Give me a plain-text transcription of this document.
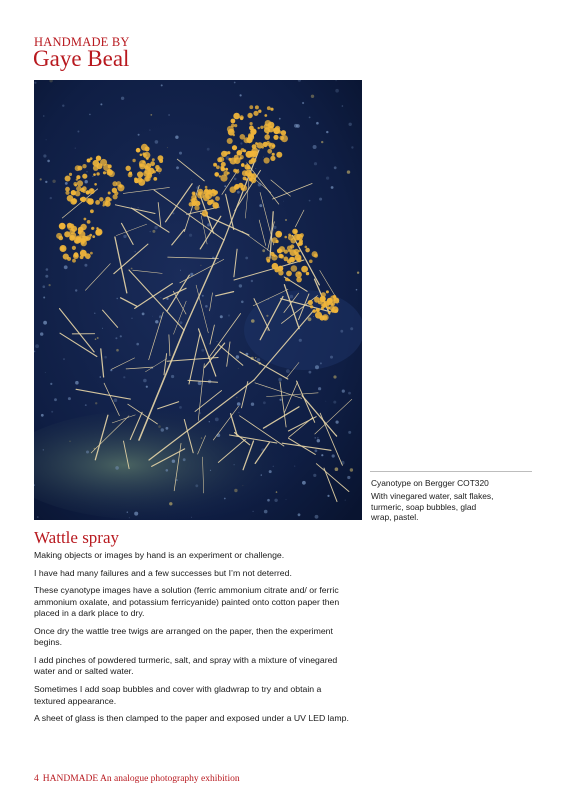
HANDMADE BY
Gaye Beal
Cyanotype on Bergger COT320
With vinegared water, salt flakes,
turmeric, soap bubbles, glad
wrap, pastel.
Wattle spray

Making objects or images by hand is an experiment or challenge.

I have had many failures and a few successes but I’m not deterred.

These cyanotype images have a solution (ferric ammonium citrate and/ or ferric ammonium oxalate, and potassium ferricyanide) painted onto cotton paper then placed in a dark place to dry.

Once dry the wattle tree twigs are arranged on the paper, then the experiment begins.

I add pinches of powdered turmeric, salt, and spray with a mixture of vinegared water and or salted water.

Sometimes I add soap bubbles and cover with gladwrap to try and obtain a textured appearance.

A sheet of glass is then clamped to the paper and exposed under a UV LED lamp.

4 HANDMADE An analogue photography exhibition
